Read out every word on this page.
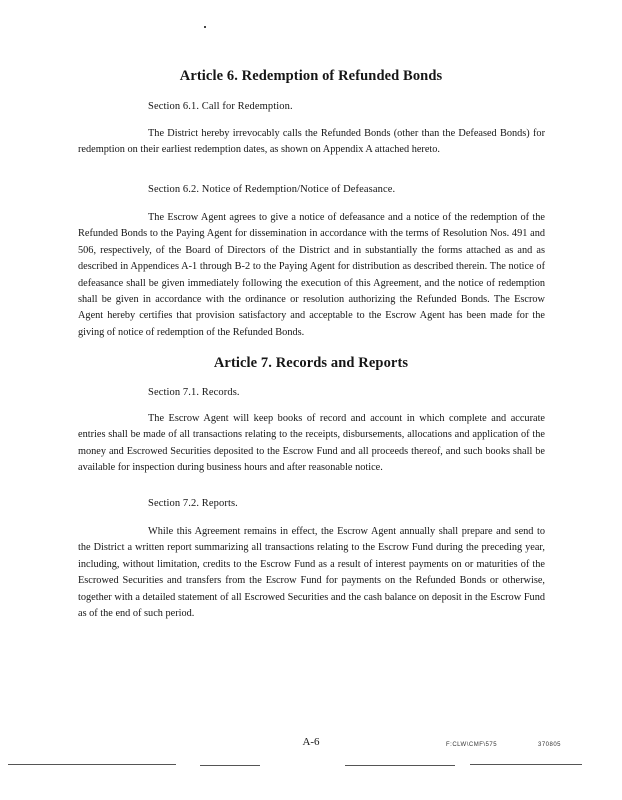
Article 6. Redemption of Refunded Bonds
Section 6.1. Call for Redemption.

The District hereby irrevocably calls the Refunded Bonds (other than the Defeased Bonds) for redemption on their earliest redemption dates, as shown on Appendix A attached hereto.

Section 6.2. Notice of Redemption/Notice of Defeasance.

The Escrow Agent agrees to give a notice of defeasance and a notice of the redemption of the Refunded Bonds to the Paying Agent for dissemination in accordance with the terms of Resolution Nos. 491 and 506, respectively, of the Board of Directors of the District and in substantially the forms attached as and as described in Appendices A-1 through B-2 to the Paying Agent for distribution as described therein. The notice of defeasance shall be given immediately following the execution of this Agreement, and the notice of redemption shall be given in accordance with the ordinance or resolution authorizing the Refunded Bonds. The Escrow Agent hereby certifies that provision satisfactory and acceptable to the Escrow Agent has been made for the giving of notice of redemption of the Refunded Bonds.

Article 7. Records and Reports
Section 7.1. Records.

The Escrow Agent will keep books of record and account in which complete and accurate entries shall be made of all transactions relating to the receipts, disbursements, allocations and application of the money and Escrowed Securities deposited to the Escrow Fund and all proceeds thereof, and such books shall be available for inspection during business hours and after reasonable notice.

Section 7.2. Reports.

While this Agreement remains in effect, the Escrow Agent annually shall prepare and send to the District a written report summarizing all transactions relating to the Escrow Fund during the preceding year, including, without limitation, credits to the Escrow Fund as a result of interest payments on or maturities of the Escrowed Securities and transfers from the Escrow Fund for payments on the Refunded Bonds or otherwise, together with a detailed statement of all Escrowed Securities and the cash balance on deposit in the Escrow Fund as of the end of such period.

A-6	F:CLW\CMF\575	370805
